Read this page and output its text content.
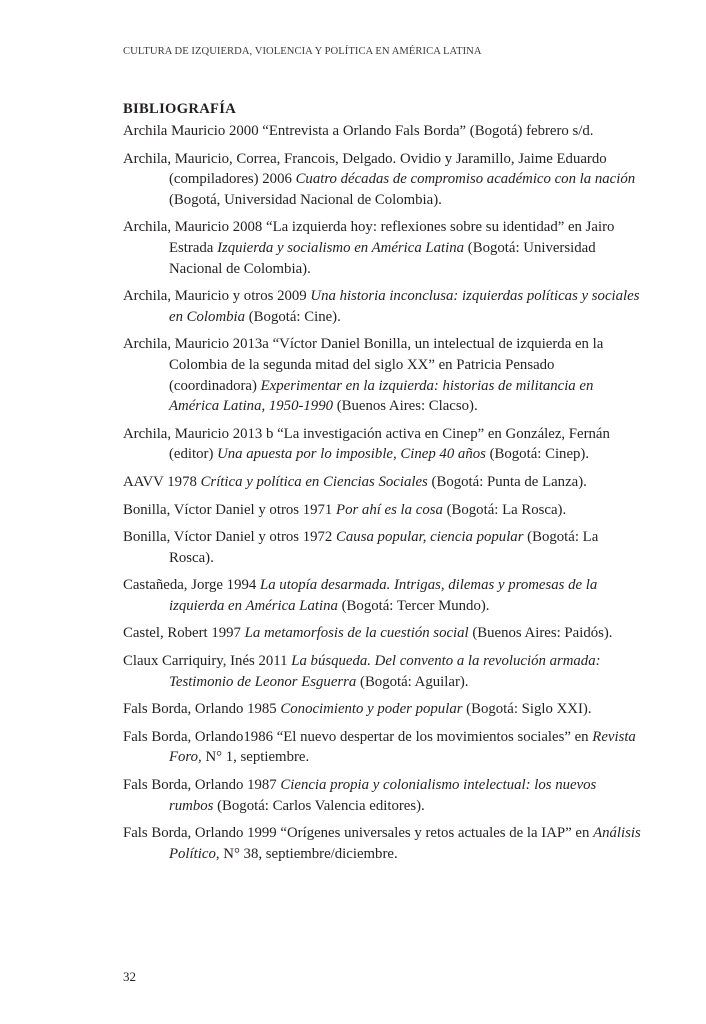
CULTURA DE IZQUIERDA, VIOLENCIA Y POLÍTICA EN AMÉRICA LATINA
BIBLIOGRAFÍA
Archila Mauricio 2000 “Entrevista a Orlando Fals Borda” (Bogotá) febrero s/d.
Archila, Mauricio, Correa, Francois, Delgado. Ovidio y Jaramillo, Jaime Eduardo (compiladores) 2006 Cuatro décadas de compromiso académico con la nación (Bogotá, Universidad Nacional de Colombia).
Archila, Mauricio 2008 “La izquierda hoy: reflexiones sobre su identidad” en Jairo Estrada Izquierda y socialismo en América Latina (Bogotá: Universidad Nacional de Colombia).
Archila, Mauricio y otros 2009 Una historia inconclusa: izquierdas políticas y sociales en Colombia (Bogotá: Cine).
Archila, Mauricio 2013a “Víctor Daniel Bonilla, un intelectual de izquierda en la Colombia de la segunda mitad del siglo XX” en Patricia Pensado (coordinadora) Experimentar en la izquierda: historias de militancia en América Latina, 1950-1990 (Buenos Aires: Clacso).
Archila, Mauricio 2013 b “La investigación activa en Cinep” en González, Fernán (editor) Una apuesta por lo imposible, Cinep 40 años (Bogotá: Cinep).
AAVV 1978 Crítica y política en Ciencias Sociales (Bogotá: Punta de Lanza).
Bonilla, Víctor Daniel y otros 1971 Por ahí es la cosa (Bogotá: La Rosca).
Bonilla, Víctor Daniel y otros 1972 Causa popular, ciencia popular (Bogotá: La Rosca).
Castañeda, Jorge 1994 La utopía desarmada. Intrigas, dilemas y promesas de la izquierda en América Latina (Bogotá: Tercer Mundo).
Castel, Robert 1997 La metamorfosis de la cuestión social (Buenos Aires: Paidós).
Claux Carriquiry, Inés 2011 La búsqueda. Del convento a la revolución armada: Testimonio de Leonor Esguerra (Bogotá: Aguilar).
Fals Borda, Orlando 1985 Conocimiento y poder popular (Bogotá: Siglo XXI).
Fals Borda, Orlando1986 “El nuevo despertar de los movimientos sociales” en Revista Foro, N° 1, septiembre.
Fals Borda, Orlando 1987 Ciencia propia y colonialismo intelectual: los nuevos rumbos (Bogotá: Carlos Valencia editores).
Fals Borda, Orlando 1999 “Orígenes universales y retos actuales de la IAP” en Análisis Político, N° 38, septiembre/diciembre.
32
